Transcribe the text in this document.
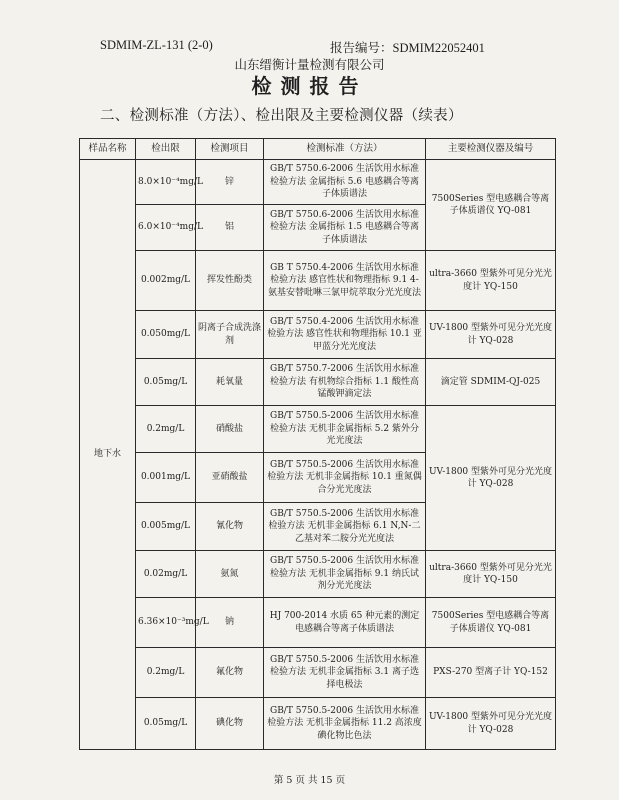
SDMIM-ZL-131 (2-0)	报告编号：SDMIM22052401
山东缙衡计量检测有限公司
检测报告
二、检测标准（方法）、检出限及主要检测仪器（续表）
样品名称	检出限	检测项目	检测标准（方法）	主要检测仪器及编号
地下水	8.0×10⁻⁴mg/L	锌	GB/T 5750.6-2006 生活饮用水标准检验方法 金属指标 5.6 电感耦合等离子体质谱法	7500Series 型电感耦合等离子体质谱仪 YQ-081
	6.0×10⁻⁴mg/L	铝	GB/T 5750.6-2006 生活饮用水标准检验方法 金属指标 1.5 电感耦合等离子体质谱法	
	0.002mg/L	挥发性酚类	GB T 5750.4-2006 生活饮用水标准检验方法 感官性状和物理指标 9.1 4-氨基安替吡啉三氯甲烷萃取分光光度法	ultra-3660 型紫外可见分光光度计 YQ-150
	0.050mg/L	阴离子合成洗涤剂	GB/T 5750.4-2006 生活饮用水标准检验方法 感官性状和物理指标 10.1 亚甲蓝分光光度法	UV-1800 型紫外可见分光光度计 YQ-028
	0.05mg/L	耗氧量	GB/T 5750.7-2006 生活饮用水标准检验方法 有机物综合指标 1.1 酸性高锰酸钾滴定法	滴定管 SDMIM-QJ-025
	0.2mg/L	硝酸盐	GB/T 5750.5-2006 生活饮用水标准检验方法 无机非金属指标 5.2 紫外分光光度法	UV-1800 型紫外可见分光光度计 YQ-028
	0.001mg/L	亚硝酸盐	GB/T 5750.5-2006 生活饮用水标准检验方法 无机非金属指标 10.1 重氮偶合分光光度法	
	0.005mg/L	氰化物	GB/T 5750.5-2006 生活饮用水标准检验方法 无机非金属指标 6.1 N,N-二乙基对苯二胺分光光度法	
	0.02mg/L	氨氮	GB/T 5750.5-2006 生活饮用水标准检验方法 无机非金属指标 9.1 纳氏试剂分光光度法	ultra-3660 型紫外可见分光光度计 YQ-150
	6.36×10⁻³mg/L	钠	HJ 700-2014 水质 65 种元素的测定 电感耦合等离子体质谱法	7500Series 型电感耦合等离子体质谱仪 YQ-081
	0.2mg/L	氟化物	GB/T 5750.5-2006 生活饮用水标准检验方法 无机非金属指标 3.1 离子选择电极法	PXS-270 型离子计 YQ-152
	0.05mg/L	碘化物	GB/T 5750.5-2006 生活饮用水标准检验方法 无机非金属指标 11.2 高浓度碘化物比色法	UV-1800 型紫外可见分光光度计 YQ-028
第 5 页 共 15 页
